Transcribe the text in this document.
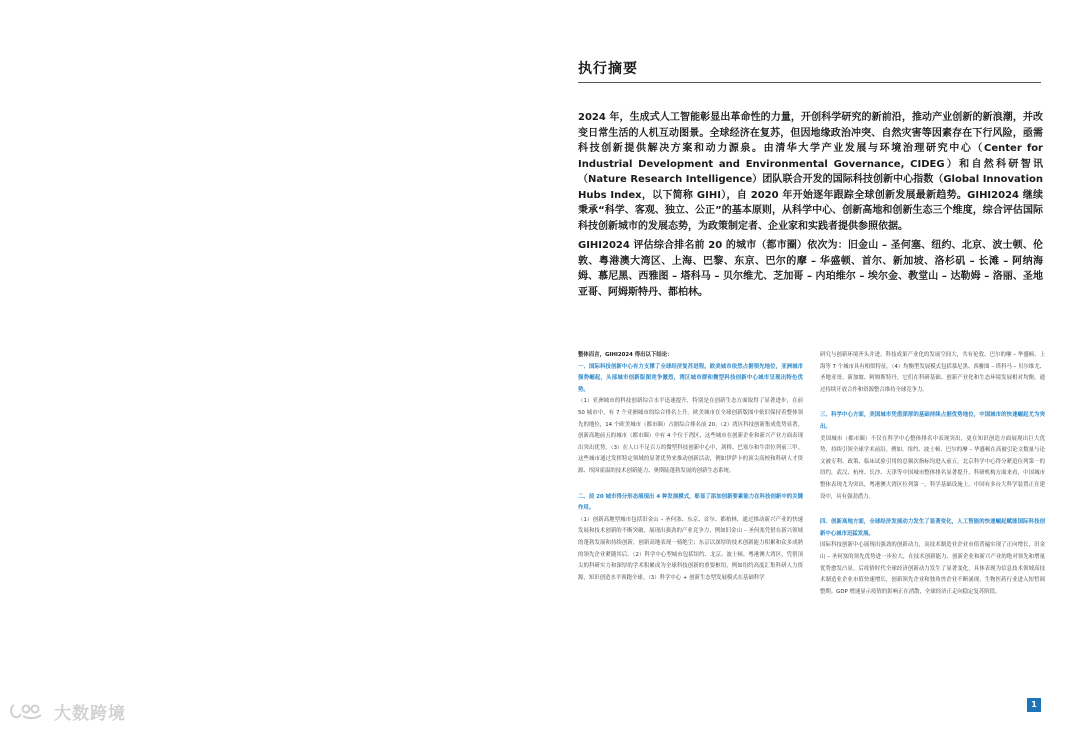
执行摘要

2024 年，生成式人工智能彰显出革命性的力量，开创科学研究的新前沿，推动产业创新的新浪潮，并改变日常生活的人机互动图景。全球经济在复苏，但因地缘政治冲突、自然灾害等因素存在下行风险，亟需科技创新提供解决方案和动力源泉。由清华大学产业发展与环境治理研究中心（Center for Industrial Development and Environmental Governance, CIDEG）和自然科研智讯（Nature Research Intelligence）团队联合开发的国际科技创新中心指数（Global Innovation Hubs Index，以下简称 GIHI），自 2020 年开始逐年跟踪全球创新发展最新趋势。GIHI2024 继续秉承“科学、客观、独立、公正”的基本原则，从科学中心、创新高地和创新生态三个维度，综合评估国际科技创新城市的发展态势，为政策制定者、企业家和实践者提供参照依据。

GIHI2024 评估综合排名前 20 的城市（都市圈）依次为：旧金山 – 圣何塞、纽约、北京、波士顿、伦敦、粤港澳大湾区、上海、巴黎、东京、巴尔的摩 – 华盛顿、首尔、新加坡、洛杉矶 – 长滩 – 阿纳海姆、慕尼黑、西雅图 – 塔科马 – 贝尔维尤、芝加哥 – 内珀维尔 – 埃尔金、教堂山 – 达勒姆 – 洛丽、圣地亚哥、阿姆斯特丹、都柏林。

整体而言，GIHI2024 得出以下结论：

一、国际科技创新中心有力支撑了全球经济复苏进程。欧美城市依然占据领先地位，亚洲城市强势崛起，头部城市创新版图竞争激烈，湾区城市群和微型科技创新中心城市呈现出特色优势。

（1）亚洲城市的科技创新综合水平迅速提升，特别是在创新生态方面取得了显著进步，在前 50 城市中，有 7 个亚洲城市的综合排名上升。欧美城市在全球创新版图中依旧保持着整体领先的地位，14 个欧美城市（都市圈）占据综合排名前 20。（2）湾区科技创新集成优势显著，创新高地前五的城市（都市圈）中有 4 个位于湾区，这些城市在创新企业和新兴产业方面表现出突出优势。（3）在人口不足百万的微型科技创新中心中，剑桥、巴塞尔和牛津位列前三甲。这些城市通过发挥特定领域的显著优势来推动创新活动，例如伊萨卡的顶尖高校和科研人才资源、埃因霍温的技术创新能力、奥斯陆蓬勃发展的创新生态系统。

二、前 20 城市得分形态展现出 4 种发展模式，彰显了添加创新要素能力在科技创新中的关键作用。

（1）创新高地型城市包括旧金山 – 圣何塞、东京、首尔、都柏林，通过推动新兴产业的快速发展和技术创新的不断突破，展现出强劲的产业竞争力，例如旧金山 – 圣何塞凭借在新兴领域的蓬勃发展和持续创新，创新高地表现一骑绝尘；东京以深厚的技术创新能力积累和众多成熟的领先企业紧随其后。（2）科学中心型城市包括纽约、北京、波士顿、粤港澳大湾区，凭借顶尖的科研实力和深厚的学术积累成为全球科技创新的重要枢纽，例如纽约高度汇集科研人力资源，知识创造水平领跑全球。（3）科学中心 + 创新生态型发展模式在基础科学

研究与创新环境齐头并进，科技成果产业化的发展空间大，共有伦敦、巴尔的摩 – 华盛顿、上海等 7 个城市具有相似特征。（4）均衡型发展模式包括慕尼黑、西雅图 – 塔科马 – 贝尔维尤、圣地亚哥、新加坡、阿姆斯特丹，它们在科研基础、创新产业化和生态环境发展相对均衡，通过持续开放合作和资源整合维持全球竞争力。

三、科学中心方面，美国城市凭借深厚的基础持续占据优势地位，中国城市的快速崛起尤为突出。

美国城市（都市圈）不仅在科学中心整体排名中表现突出，更在知识创造方面展现出巨大优势，持续引领全球学术前沿。例如，纽约、波士顿、巴尔的摩 – 华盛顿在高被引论文数量与论文被专利、政策、临床试验引用的总频次指标均进入前五。北京科学中心得分紧追位列第一的纽约，武汉、杭州、长沙、天津等中国城市整体排名显著提升，科研机构方面来看，中国城市整体表现尤为突出，粤港澳大湾区位列第一，科学基础设施上，中国有多台大科学装置正在建设中，具有强劲潜力。

四、创新高地方面，全球经济发展动力发生了显著变化，人工智能的快速崛起赋能国际科技创新中心城市迅猛发展。

国际科技创新中心展现出强劲的创新动力，高技术制造业企业市值普遍实现了正向增长，旧金山 – 圣何塞的领先优势进一步拉大，在技术创新能力、创新企业和新兴产业的绝对领先和增量优势愈发凸显。后疫情时代全球经济创新动力发生了显著变化，具体表现为信息技术领域高技术制造业企业市值快速增长，创新领先企业和独角兽企业不断涌现，生物医药行业进入短暂调整期。GDP 增速显示疫情的影响正在消散，全球经济正走向稳定复苏阶段。

1
大数跨境
